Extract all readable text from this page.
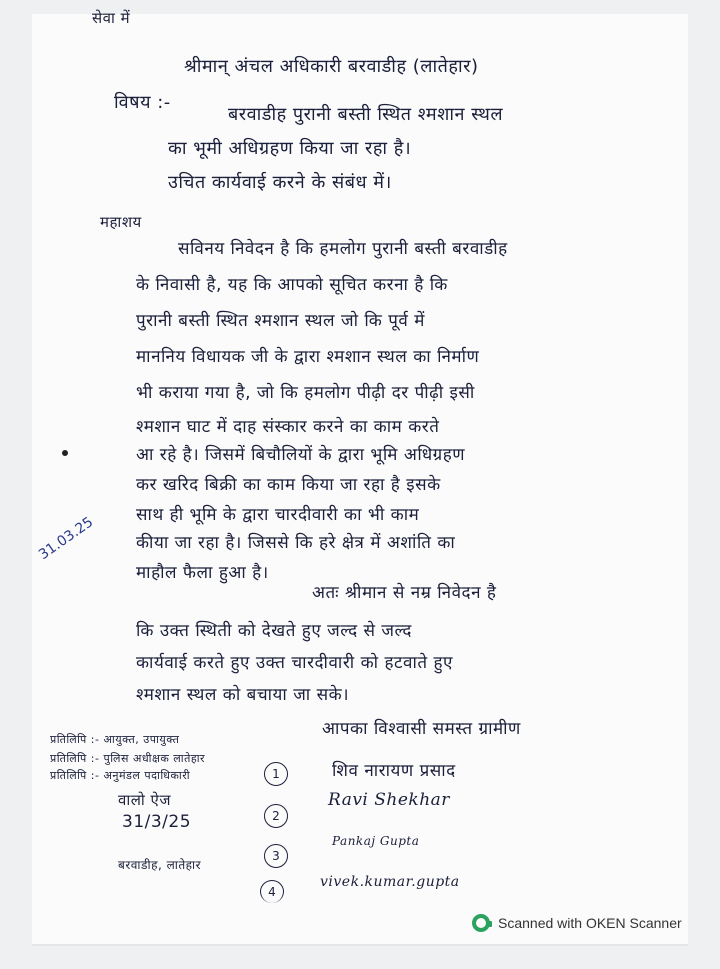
सेवा में
श्रीमान् अंचल अधिकारी बरवाडीह (लातेहार)
विषय :-
बरवाडीह पुरानी बस्ती स्थित श्मशान स्थल
का भूमी अधिग्रहण किया जा रहा है।
उचित कार्यवाई करने के संबंध में।
महाशय
सविनय निवेदन है कि हमलोग पुरानी बस्ती बरवाडीह
के निवासी है, यह कि आपको सूचित करना है कि
पुरानी बस्ती स्थित श्मशान स्थल जो कि पूर्व में
माननिय विधायक जी के द्वारा श्मशान स्थल का निर्माण
भी कराया गया है, जो कि हमलोग पीढ़ी दर पीढ़ी इसी
श्मशान घाट में दाह संस्कार करने का काम करते
आ रहे है। जिसमें बिचौलियों के द्वारा भूमि अधिग्रहण
कर खरिद बिक्री का काम किया जा रहा है इसके
साथ ही भूमि के द्वारा चारदीवारी का भी काम
कीया जा रहा है। जिससे कि हरे क्षेत्र में अशांति का
माहौल फैला हुआ है।
अतः श्रीमान से नम्र निवेदन है
कि उक्त स्थिती को देखते हुए जल्द से जल्द
कार्यवाई करते हुए उक्त चारदीवारी को हटवाते हुए
श्मशान स्थल को बचाया जा सके।
आपका विश्वासी समस्त ग्रामीण
1	शिव नारायण प्रसाद
2
Ravi Shekhar
3
Pankaj Gupta
4
vivek.kumar.gupta
प्रतिलिपि :- आयुक्त, उपायुक्त
प्रतिलिपि :- पुलिस अधीक्षक लातेहार
प्रतिलिपि :- अनुमंडल पदाधिकारी
वालो ऐज
31/3/25
बरवाडीह, लातेहार
31.03.25
Scanned with OKEN Scanner
